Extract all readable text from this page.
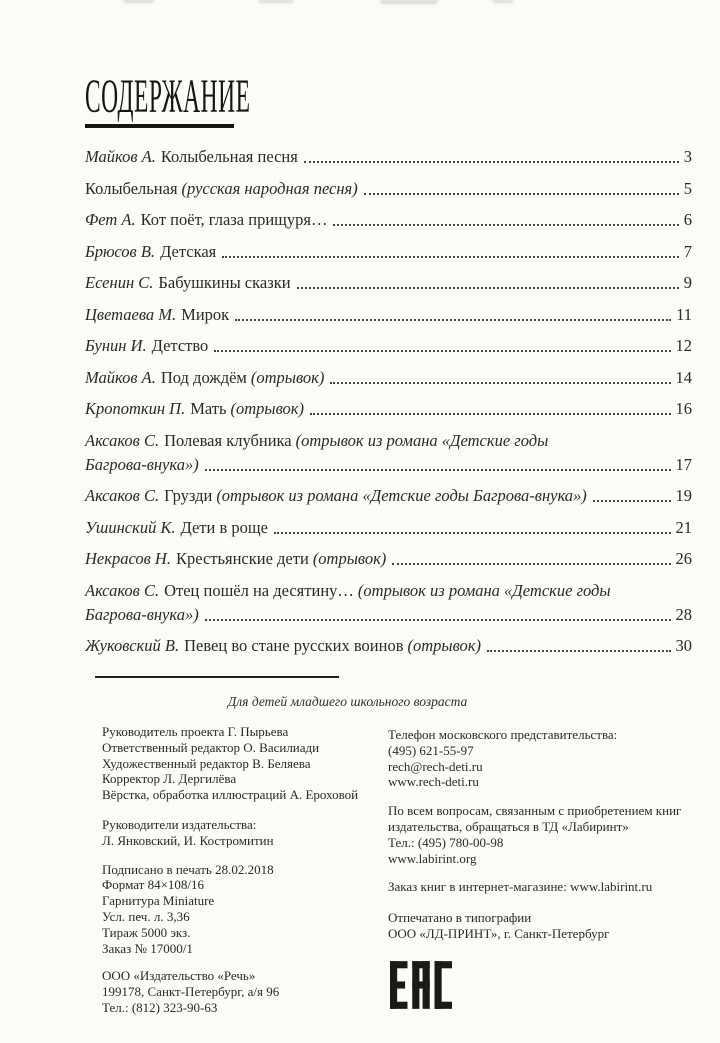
СОДЕРЖАНИЕ
Майков А. Колыбельная песня	3
Колыбельная (русская народная песня)	5
Фет А. Кот поёт, глаза прищуря…	6
Брюсов В. Детская	7
Есенин С. Бабушкины сказки	9
Цветаева М. Мирок	11
Бунин И. Детство	12
Майков А. Под дождём (отрывок)	14
Кропоткин П. Мать (отрывок)	16
Аксаков С. Полевая клубника (отрывок из романа «Детские годы
Багрова-внука»)	17
Аксаков С. Грузди (отрывок из романа «Детские годы Багрова-внука»)	19
Ушинский К. Дети в роще	21
Некрасов Н. Крестьянские дети (отрывок)	26
Аксаков С. Отец пошёл на десятину… (отрывок из романа «Детские годы
Багрова-внука»)	28
Жуковский В. Певец во стане русских воинов (отрывок)	30
Для детей младшего школьного возраста
Руководитель проекта Г. Пырьева
Ответственный редактор О. Василиади
Художественный редактор В. Беляева
Корректор Л. Дергилёва
Вёрстка, обработка иллюстраций А. Ероховой
Руководители издательства:
Л. Янковский, И. Костромитин
Подписано в печать 28.02.2018
Формат 84×108/16
Гарнитура Miniature
Усл. печ. л. 3,36
Тираж 5000 экз.
Заказ № 17000/1
ООО «Издательство «Речь»
199178, Санкт-Петербург, а/я 96
Тел.: (812) 323-90-63
Телефон московского представительства:
(495) 621-55-97
rech@rech-deti.ru
www.rech-deti.ru
По всем вопросам, связанным с приобретением книг
издательства, обращаться в ТД «Лабиринт»
Тел.: (495) 780-00-98
www.labirint.org
Заказ книг в интернет-магазине: www.labirint.ru
Отпечатано в типографии
ООО «ЛД-ПРИНТ», г. Санкт-Петербург
